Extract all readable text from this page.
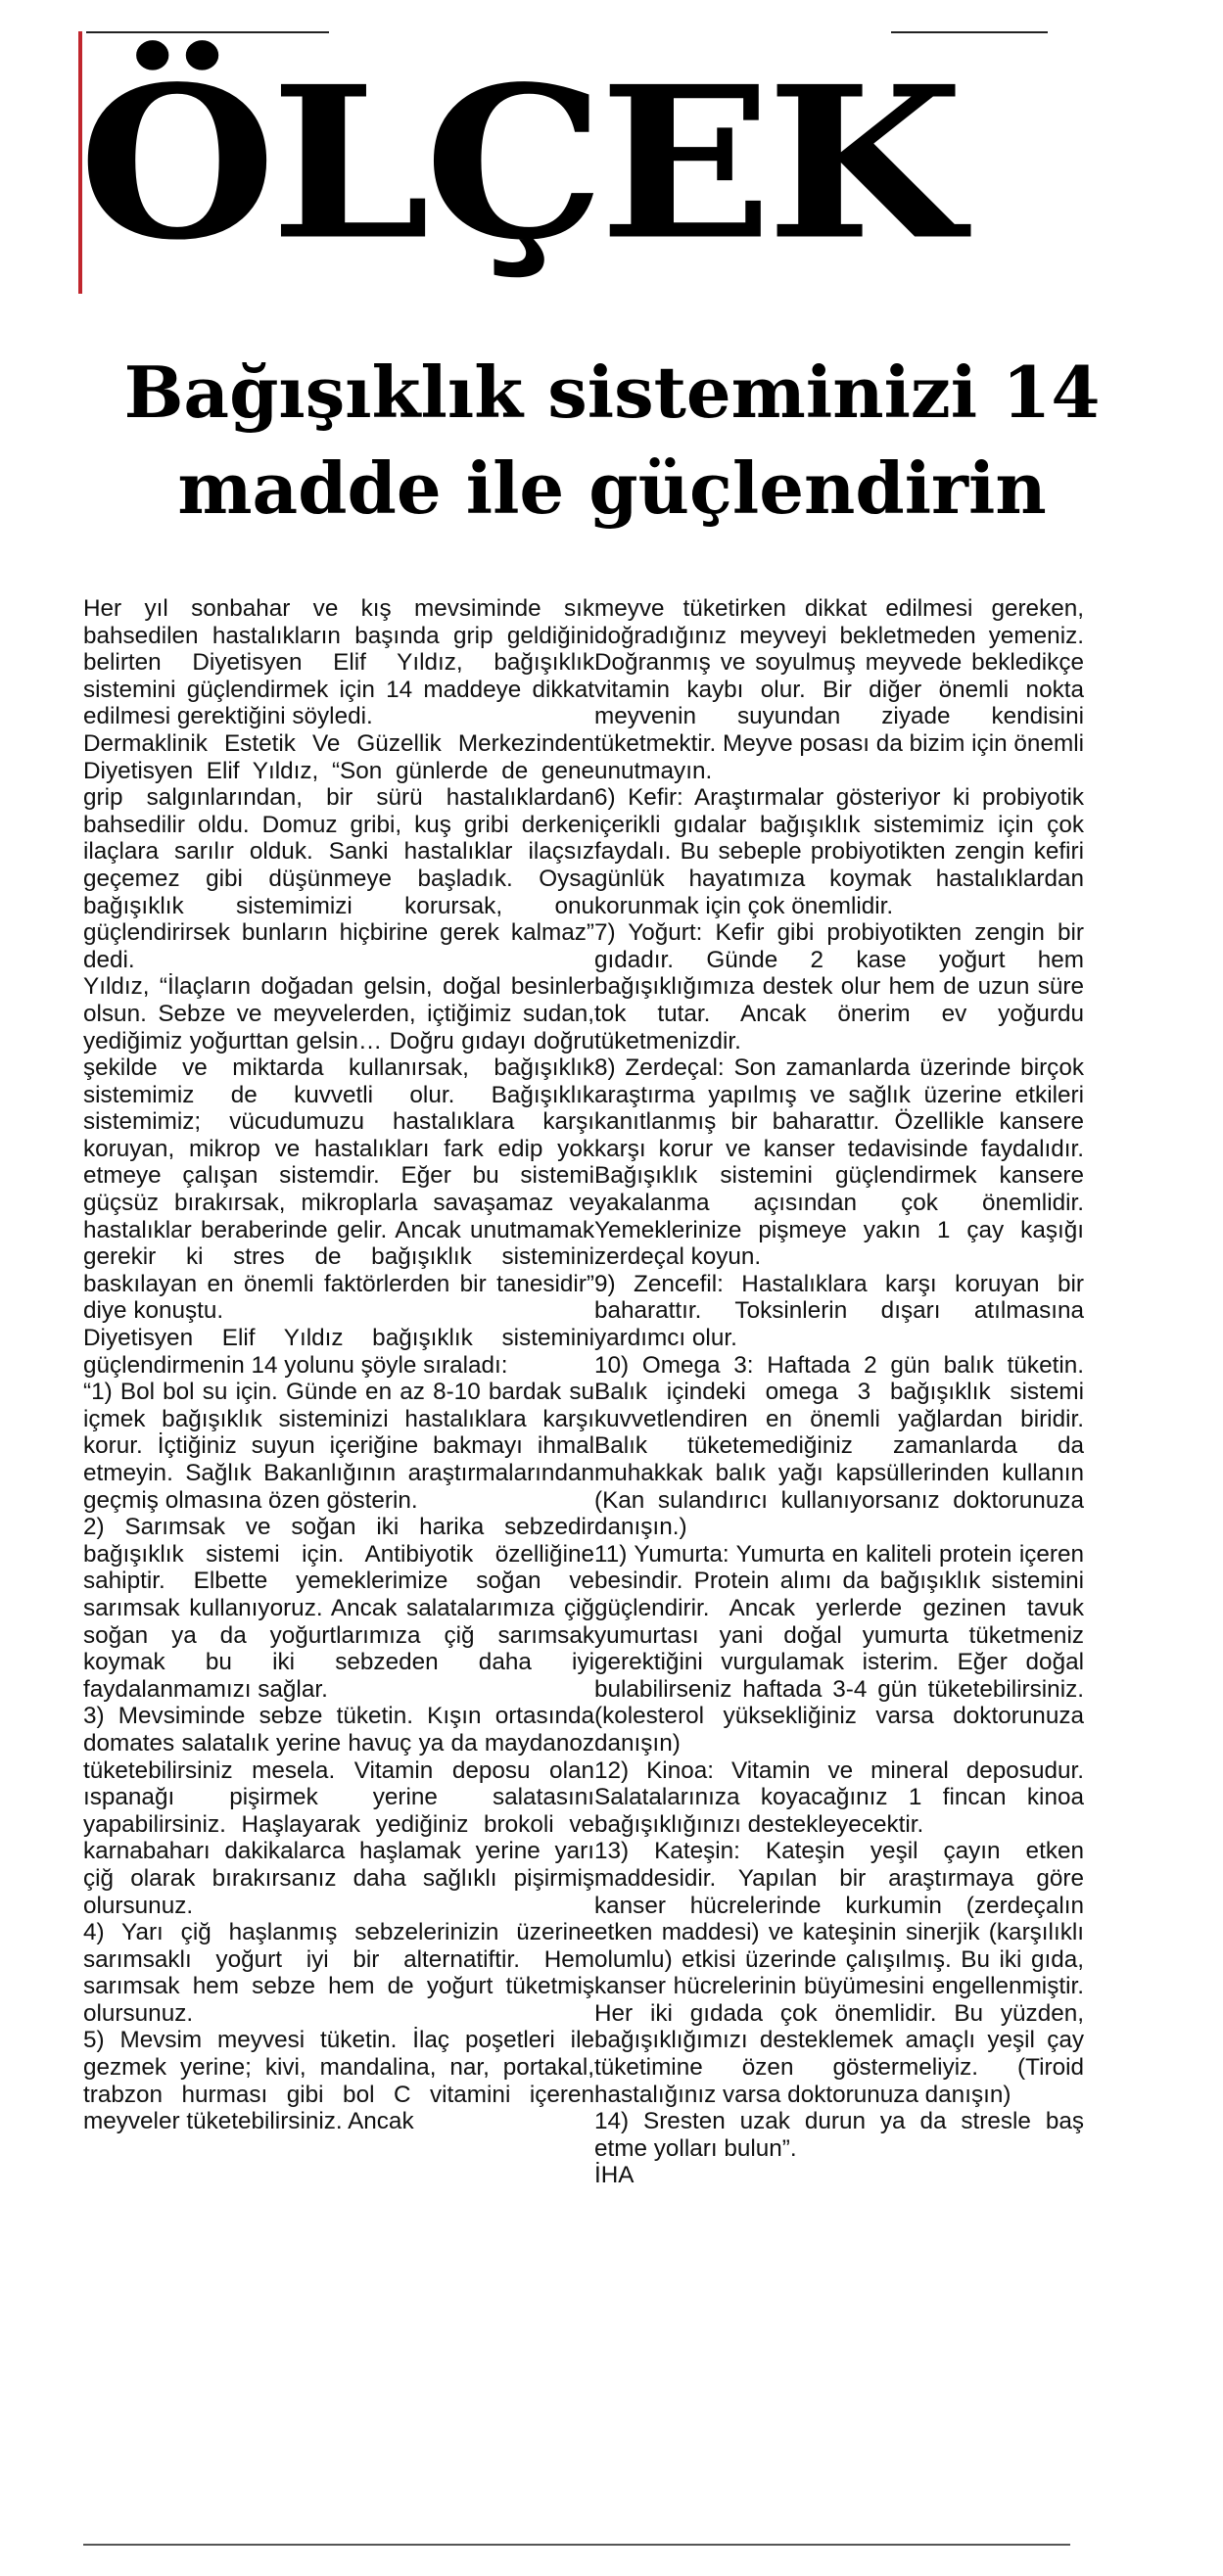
ÖLÇEK
Bağışıklık sisteminizi 14
madde ile güçlendirin

Her yıl sonbahar ve kış mevsiminde sık bahsedilen hastalıkların başında grip geldiğini belirten Diyetisyen Elif Yıldız, bağışıklık sistemini güçlendirmek için 14 maddeye dikkat edilmesi gerektiğini söyledi.

Dermaklinik Estetik Ve Güzellik Merkezinden Diyetisyen Elif Yıldız, “Son günlerde de gene grip salgınlarından, bir sürü hastalıklardan bahsedilir oldu. Domuz gribi, kuş gribi derken ilaçlara sarılır olduk. Sanki hastalıklar ilaçsız geçemez gibi düşünmeye başladık. Oysa bağışıklık sistemimizi korursak, onu güçlendirirsek bunların hiçbirine gerek kalmaz” dedi.

Yıldız, “İlaçların doğadan gelsin, doğal besinler olsun. Sebze ve meyvelerden, içtiğimiz sudan, yediğimiz yoğurttan gelsin… Doğru gıdayı doğru şekilde ve miktarda kullanırsak, bağışıklık sistemimiz de kuvvetli olur. Bağışıklık sistemimiz; vücudumuzu hastalıklara karşı koruyan, mikrop ve hastalıkları fark edip yok etmeye çalışan sistemdir. Eğer bu sistemi güçsüz bırakırsak, mikroplarla savaşamaz ve hastalıklar beraberinde gelir. Ancak unutmamak gerekir ki stres de bağışıklık sistemini baskılayan en önemli faktörlerden bir tanesidir” diye konuştu.

Diyetisyen Elif Yıldız bağışıklık sistemini güçlendirmenin 14 yolunu şöyle sıraladı:

“1) Bol bol su için. Günde en az 8-10 bardak su içmek bağışıklık sisteminizi hastalıklara karşı korur. İçtiğiniz suyun içeriğine bakmayı ihmal etmeyin. Sağlık Bakanlığının araştırmalarından geçmiş olmasına özen gösterin.

2) Sarımsak ve soğan iki harika sebzedir bağışıklık sistemi için. Antibiyotik özelliğine sahiptir. Elbette yemeklerimize soğan ve sarımsak kullanıyoruz. Ancak salatalarımıza çiğ soğan ya da yoğurtlarımıza çiğ sarımsak koymak bu iki sebzeden daha iyi faydalanmamızı sağlar.

3) Mevsiminde sebze tüketin. Kışın ortasında domates salatalık yerine havuç ya da maydanoz tüketebilirsiniz mesela. Vitamin deposu olan ıspanağı pişirmek yerine salatasını yapabilirsiniz. Haşlayarak yediğiniz brokoli ve karnabaharı dakikalarca haşlamak yerine yarı çiğ olarak bırakırsanız daha sağlıklı pişirmiş olursunuz.

4) Yarı çiğ haşlanmış sebzelerinizin üzerine sarımsaklı yoğurt iyi bir alternatiftir. Hem sarımsak hem sebze hem de yoğurt tüketmiş olursunuz.

5) Mevsim meyvesi tüketin. İlaç poşetleri ile gezmek yerine; kivi, mandalina, nar, portakal, trabzon hurması gibi bol C vitamini içeren meyveler tüketebilirsiniz. Ancak

meyve tüketirken dikkat edilmesi gereken, doğradığınız meyveyi bekletmeden yemeniz. Doğranmış ve soyulmuş meyvede bekledikçe vitamin kaybı olur. Bir diğer önemli nokta meyvenin suyundan ziyade kendisini tüketmektir. Meyve posası da bizim için önemli unutmayın.

6) Kefir: Araştırmalar gösteriyor ki probiyotik içerikli gıdalar bağışıklık sistemimiz için çok faydalı. Bu sebeple probiyotikten zengin kefiri günlük hayatımıza koymak hastalıklardan korunmak için çok önemlidir.

7) Yoğurt: Kefir gibi probiyotikten zengin bir gıdadır. Günde 2 kase yoğurt hem bağışıklığımıza destek olur hem de uzun süre tok tutar. Ancak önerim ev yoğurdu tüketmenizdir.

8) Zerdeçal: Son zamanlarda üzerinde birçok araştırma yapılmış ve sağlık üzerine etkileri kanıtlanmış bir baharattır. Özellikle kansere karşı korur ve kanser tedavisinde faydalıdır. Bağışıklık sistemini güçlendirmek kansere yakalanma açısından çok önemlidir. Yemeklerinize pişmeye yakın 1 çay kaşığı zerdeçal koyun.

9) Zencefil: Hastalıklara karşı koruyan bir baharattır. Toksinlerin dışarı atılmasına yardımcı olur.

10) Omega 3: Haftada 2 gün balık tüketin. Balık içindeki omega 3 bağışıklık sistemi kuvvetlendiren en önemli yağlardan biridir. Balık tüketemediğiniz zamanlarda da muhakkak balık yağı kapsüllerinden kullanın (Kan sulandırıcı kullanıyorsanız doktorunuza danışın.)

11) Yumurta: Yumurta en kaliteli protein içeren besindir. Protein alımı da bağışıklık sistemini güçlendirir. Ancak yerlerde gezinen tavuk yumurtası yani doğal yumurta tüketmeniz gerektiğini vurgulamak isterim. Eğer doğal bulabilirseniz haftada 3-4 gün tüketebilirsiniz. (kolesterol yüksekliğiniz varsa doktorunuza danışın)

12) Kinoa: Vitamin ve mineral deposudur. Salatalarınıza koyacağınız 1 fincan kinoa bağışıklığınızı destekleyecektir.

13) Kateşin: Kateşin yeşil çayın etken maddesidir. Yapılan bir araştırmaya göre kanser hücrelerinde kurkumin (zerdeçalın etken maddesi) ve kateşinin sinerjik (karşılıklı olumlu) etkisi üzerinde çalışılmış. Bu iki gıda, kanser hücrelerinin büyümesini engellenmiştir. Her iki gıdada çok önemlidir. Bu yüzden, bağışıklığımızı desteklemek amaçlı yeşil çay tüketimine özen göstermeliyiz. (Tiroid hastalığınız varsa doktorunuza danışın)

14) Sresten uzak durun ya da stresle baş etme yolları bulun”.

İHA
